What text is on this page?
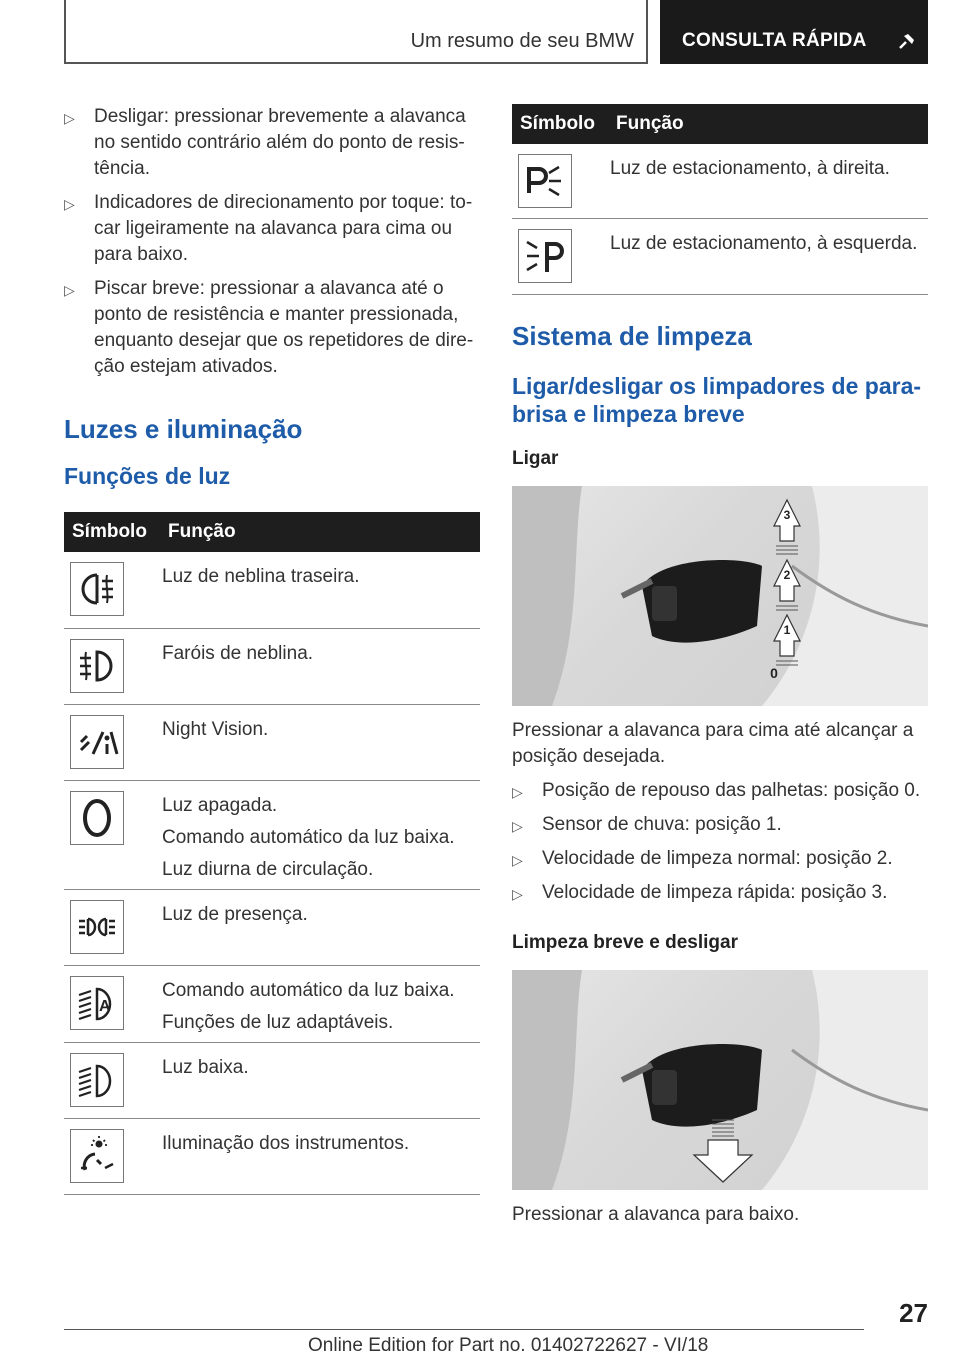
Um resumo de seu BMW	CONSULTA RÁPIDA
▷ Desligar: pressionar brevemente a alavanca no sentido contrário além do ponto de resistência.
▷ Indicadores de direcionamento por toque: tocar ligeiramente na alavanca para cima ou para baixo.
▷ Piscar breve: pressionar a alavanca até o ponto de resistência e manter pressionada, enquanto desejar que os repetidores de direção estejam ativados.
Luzes e iluminação
Funções de luz
Símbolo	Função

Luz de neblina traseira.

Faróis de neblina.

Night Vision.

Luz apagada.
Comando automático da luz baixa.
Luz diurna de circulação.

Luz de presença.

A	Comando automático da luz baixa.
Funções de luz adaptáveis.

Luz baixa.

Iluminação dos instrumentos.
Símbolo	Função

Luz de estacionamento, à direita.

Luz de estacionamento, à esquerda.
Sistema de limpeza
Ligar/desligar os limpadores de para-brisa e limpeza breve
Ligar
3
2
1
0
Pressionar a alavanca para cima até alcançar a posição desejada.
▷ Posição de repouso das palhetas: posição 0.
▷ Sensor de chuva: posição 1.
▷ Velocidade de limpeza normal: posição 2.
▷ Velocidade de limpeza rápida: posição 3.
Limpeza breve e desligar
Pressionar a alavanca para baixo.
27
Online Edition for Part no. 01402722627 - VI/18
